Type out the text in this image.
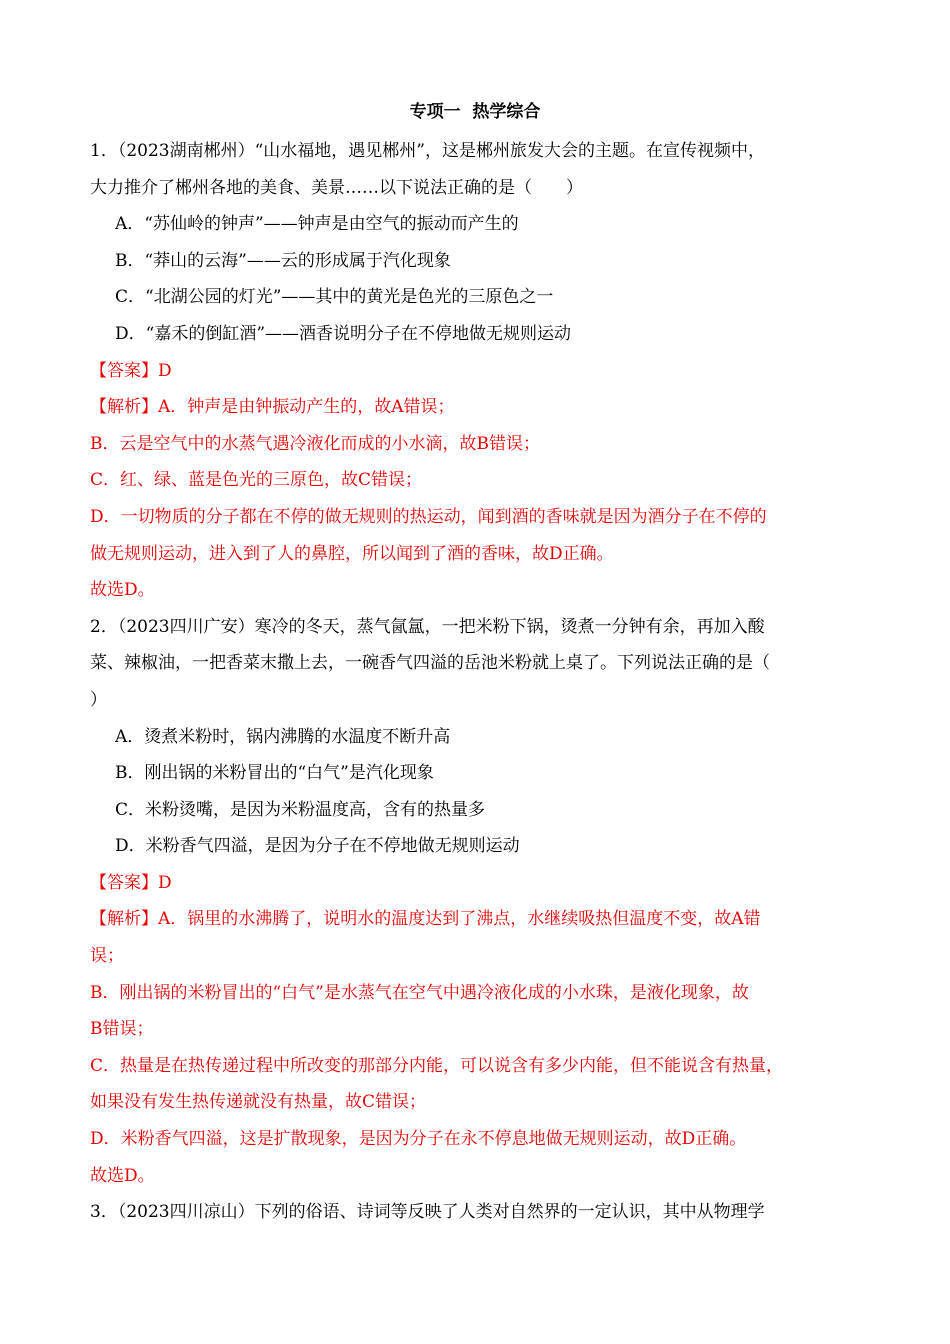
专项一  热学综合
1．（2023湖南郴州）“山水福地，遇见郴州”，这是郴州旅发大会的主题。在宣传视频中，
大力推介了郴州各地的美食、美景……以下说法正确的是（　　）
A．“苏仙岭的钟声”——钟声是由空气的振动而产生的
B．“莽山的云海”——云的形成属于汽化现象
C．“北湖公园的灯光”——其中的黄光是色光的三原色之一
D．“嘉禾的倒缸酒”——酒香说明分子在不停地做无规则运动
【答案】D
【解析】A．钟声是由钟振动产生的，故A错误；
B．云是空气中的水蒸气遇冷液化而成的小水滴，故B错误；
C．红、绿、蓝是色光的三原色，故C错误；
D．一切物质的分子都在不停的做无规则的热运动，闻到酒的香味就是因为酒分子在不停的
做无规则运动，进入到了人的鼻腔，所以闻到了酒的香味，故D正确。
故选D。
2．（2023四川广安）寒冷的冬天，蒸气氤氲，一把米粉下锅，烫煮一分钟有余，再加入酸
菜、辣椒油，一把香菜末撒上去，一碗香气四溢的岳池米粉就上桌了。下列说法正确的是（
）
A．烫煮米粉时，锅内沸腾的水温度不断升高
B．刚出锅的米粉冒出的“白气”是汽化现象
C．米粉烫嘴，是因为米粉温度高，含有的热量多
D．米粉香气四溢，是因为分子在不停地做无规则运动
【答案】D
【解析】A．锅里的水沸腾了，说明水的温度达到了沸点，水继续吸热但温度不变，故A错
误；
B．刚出锅的米粉冒出的“白气”是水蒸气在空气中遇冷液化成的小水珠，是液化现象，故
B错误；
C．热量是在热传递过程中所改变的那部分内能，可以说含有多少内能，但不能说含有热量，
如果没有发生热传递就没有热量，故C错误；
D．米粉香气四溢，这是扩散现象，是因为分子在永不停息地做无规则运动，故D正确。
故选D。
3．（2023四川凉山）下列的俗语、诗词等反映了人类对自然界的一定认识，其中从物理学
